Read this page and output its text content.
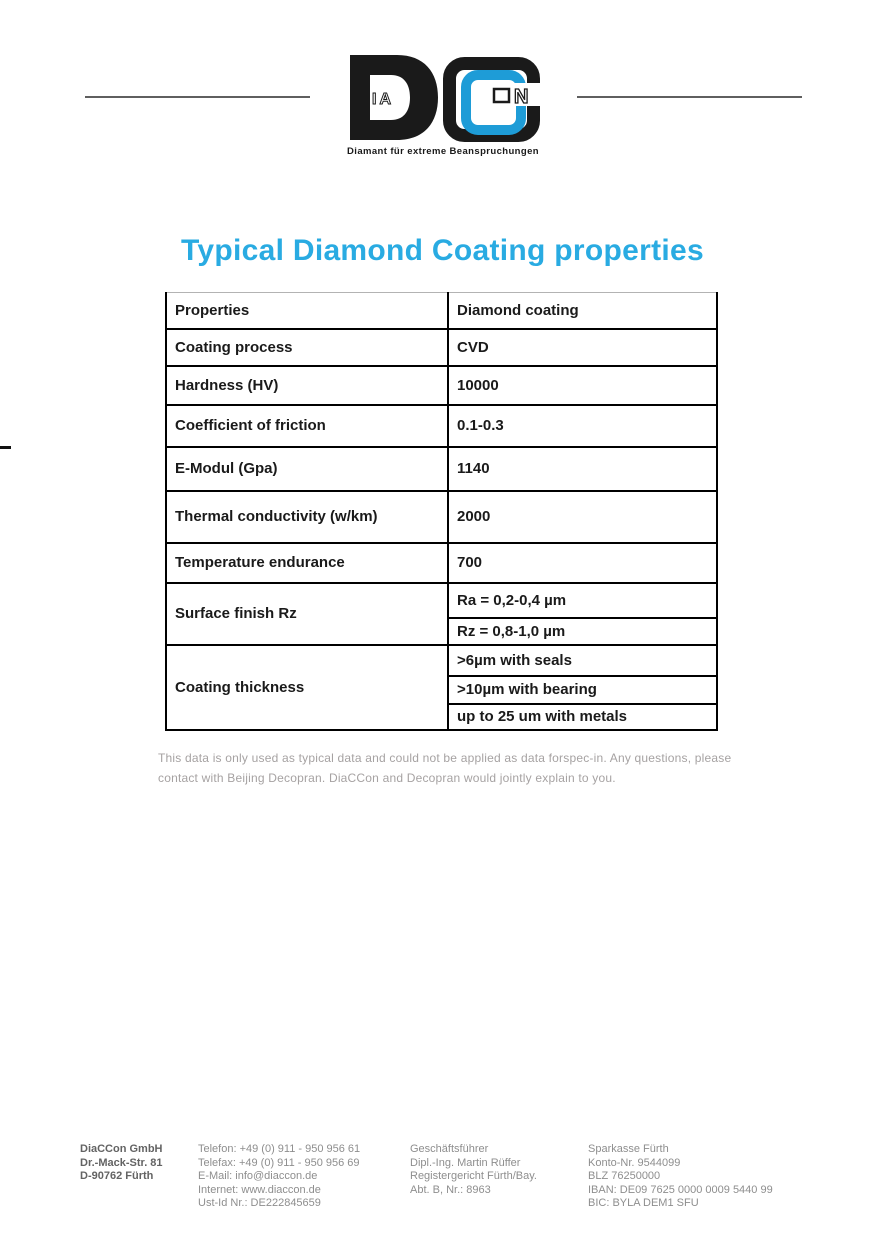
IA	N
Diamant für extreme Beanspruchungen
Typical Diamond Coating properties
Properties	Diamond coating
Coating process	CVD
Hardness (HV)	10000
Coefficient of friction	0.1-0.3
E-Modul (Gpa)	1140
Thermal conductivity (w/km)	2000
Temperature endurance	700
Surface finish Rz	Ra = 0,2-0,4 µm
	Rz = 0,8-1,0 µm
Coating thickness	>6µm with seals
	>10µm with bearing
	up to 25 um with metals
This data is only used as typical data and could not be applied as data forspec-in. Any questions, please contact with Beijing Decopran. DiaCCon and Decopran would jointly explain to you.
DiaCCon GmbH
Dr.-Mack-Str. 81
D-90762 Fürth
Telefon: +49 (0) 911 - 950 956 61
Telefax: +49 (0) 911 - 950 956 69
E-Mail: info@diaccon.de
Internet: www.diaccon.de
Ust-Id Nr.: DE222845659
Geschäftsführer
Dipl.-Ing. Martin Rüffer
Registergericht Fürth/Bay.
Abt. B, Nr.: 8963
Sparkasse Fürth
Konto-Nr. 9544099
BLZ 76250000
IBAN: DE09 7625 0000 0009 5440 99
BIC: BYLA DEM1 SFU
